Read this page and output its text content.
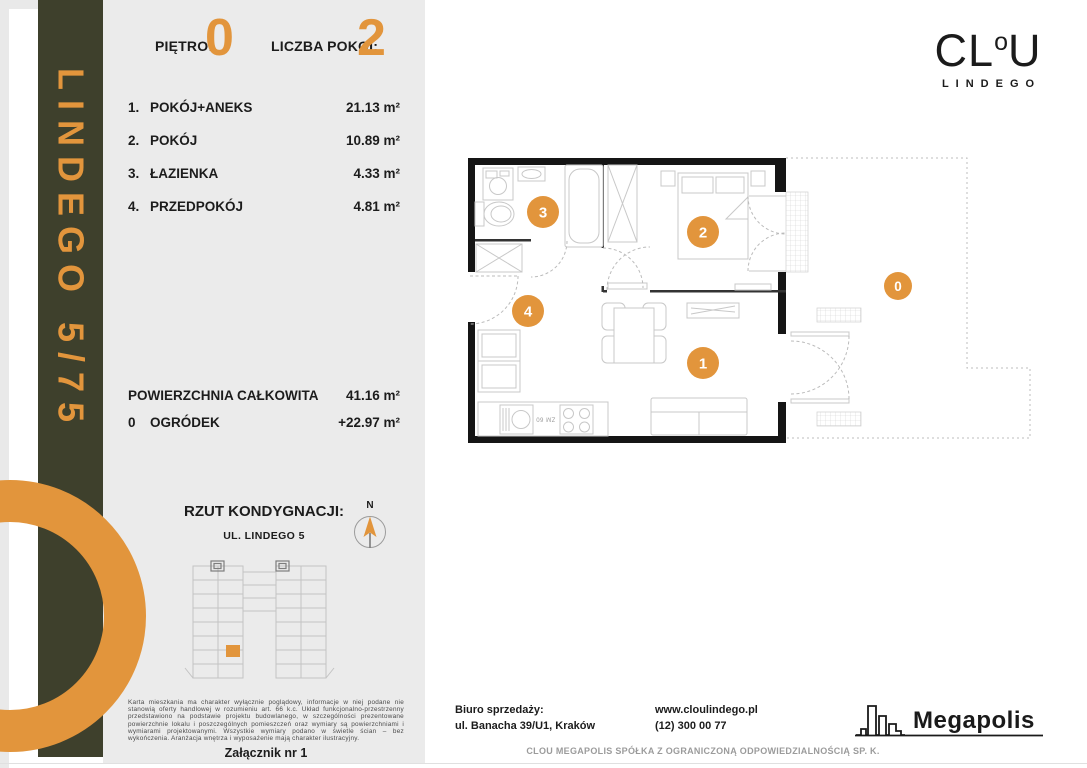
LINDEGO 5/75
PIĘTRO:
0	LICZBA POKOI:
2
1. POKÓJ+ANEKS	21.13 m²
2. POKÓJ	10.89 m²
3. ŁAZIENKA	4.33 m²
4. PRZEDPOKÓJ	4.81 m²
POWIERZCHNIA CAŁKOWITA 41.16 m²
0	OGRÓDEK	+22.97 m²
RZUT KONDYGNACJI:
UL. LINDEGO 5
N
ZM 60
3
2
4
1
0
Karta mieszkania ma charakter wyłącznie poglądowy, informacje w niej podane nie stanowią oferty handlowej w rozumieniu art. 66 k.c. Układ funkcjonalno-przestrzenny przedstawiono na podstawie projektu budowlanego, w szczególności prezentowane powierzchnie lokalu i poszczególnych pomieszczeń oraz wymiary są powierzchniami i wymiarami projektowanymi. Wszystkie wymiary podano w świetle ścian – bez wykończenia. Aranżacja wnętrza i wyposażenie mają charakter ilustracyjny.
Załącznik nr 1
CL o U
LINDEGO
Biuro sprzedaży:
ul. Banacha 39/U1, Kraków
www.cloulindego.pl
(12) 300 00 77	Megapolis
CLOU MEGAPOLIS SPÓŁKA Z OGRANICZONĄ ODPOWIEDZIALNOŚCIĄ SP. K.
